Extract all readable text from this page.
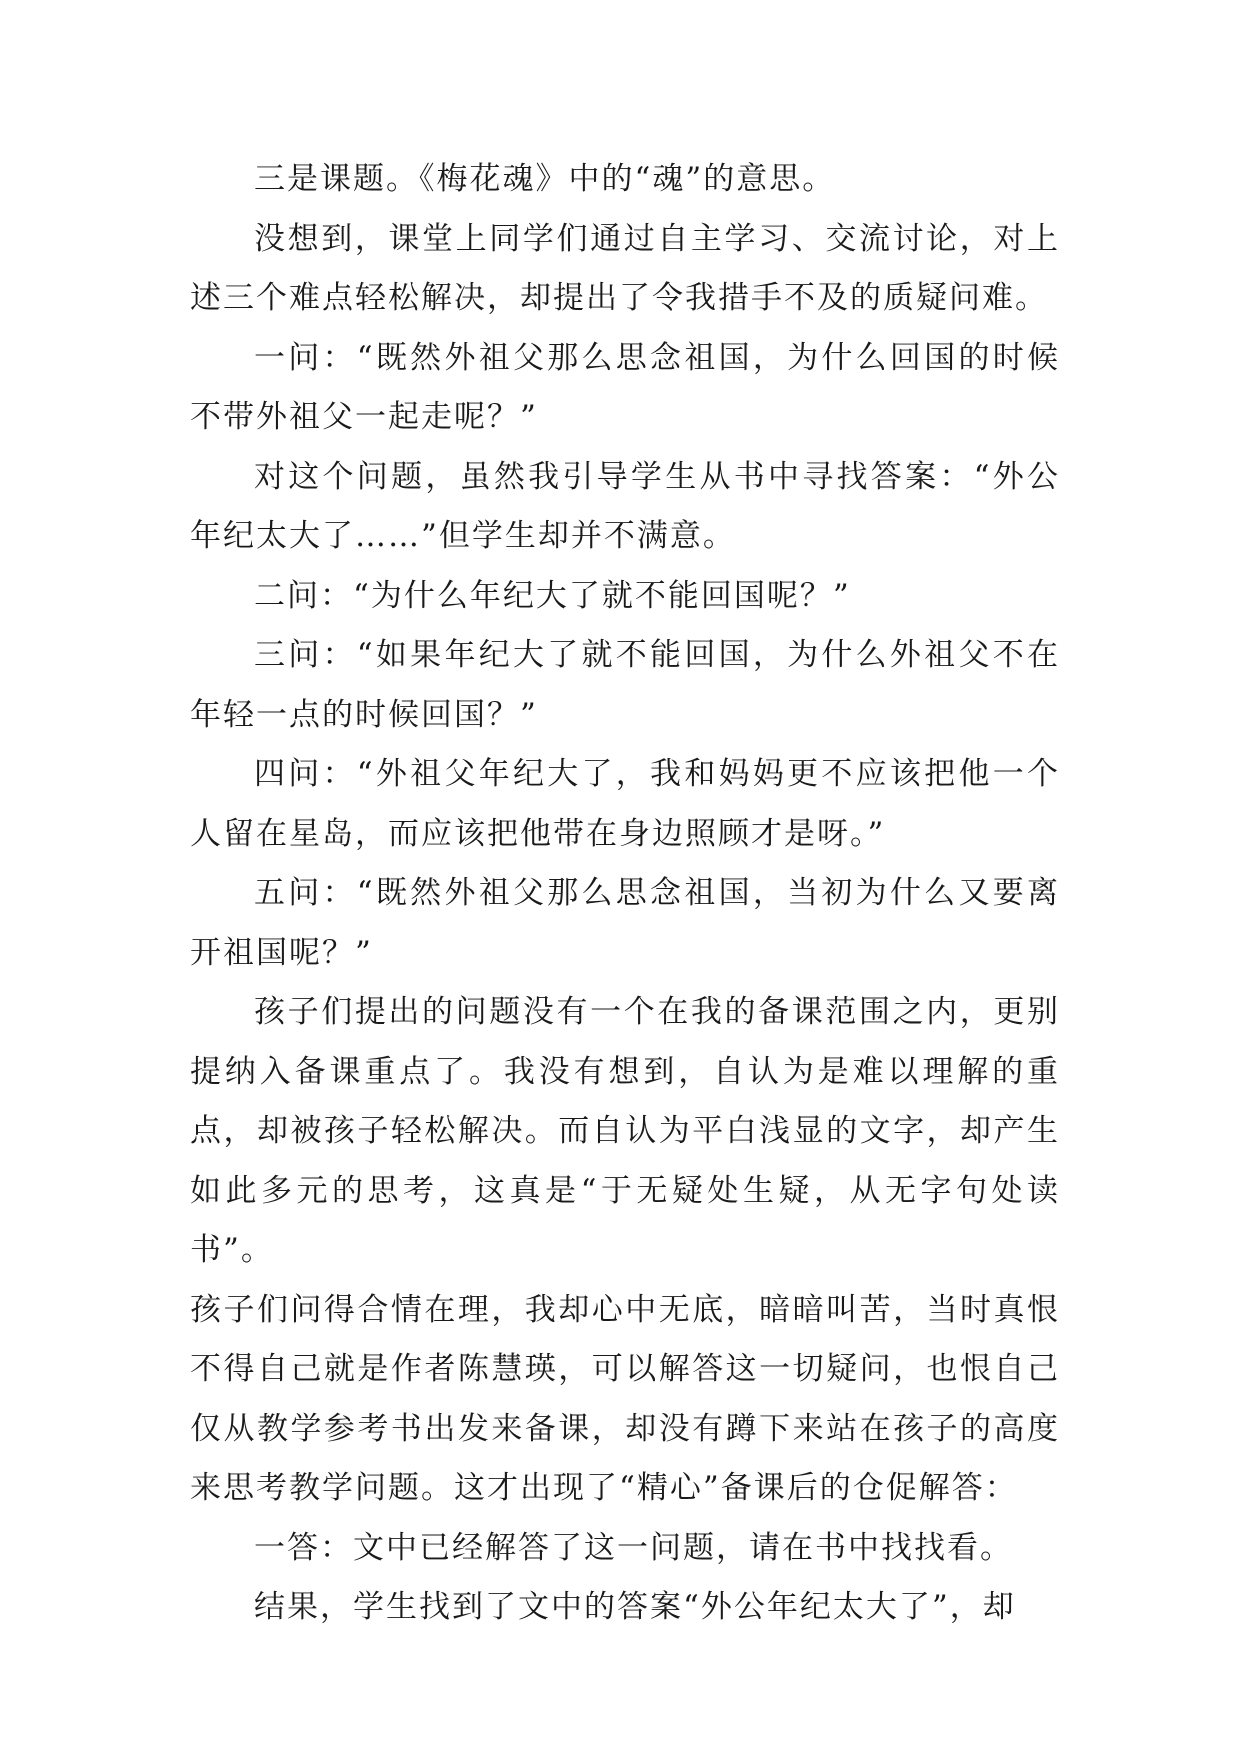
三是课题。《梅花魂》中的“魂”的意思。

没想到，课堂上同学们通过自主学习、交流讨论，对上述三个难点轻松解决，却提出了令我措手不及的质疑问难。

一问：“既然外祖父那么思念祖国，为什么回国的时候不带外祖父一起走呢？”

对这个问题，虽然我引导学生从书中寻找答案：“外公年纪太大了……”但学生却并不满意。

二问：“为什么年纪大了就不能回国呢？”

三问：“如果年纪大了就不能回国，为什么外祖父不在年轻一点的时候回国？”

四问：“外祖父年纪大了，我和妈妈更不应该把他一个人留在星岛，而应该把他带在身边照顾才是呀。”

五问：“既然外祖父那么思念祖国，当初为什么又要离开祖国呢？”

孩子们提出的问题没有一个在我的备课范围之内，更别提纳入备课重点了。我没有想到，自认为是难以理解的重点，却被孩子轻松解决。而自认为平白浅显的文字，却产生如此多元的思考，这真是“于无疑处生疑，从无字句处读书”。

孩子们问得合情在理，我却心中无底，暗暗叫苦，当时真恨不得自己就是作者陈慧瑛，可以解答这一切疑问，也恨自己仅从教学参考书出发来备课，却没有蹲下来站在孩子的高度来思考教学问题。这才出现了“精心”备课后的仓促解答：

一答：文中已经解答了这一问题，请在书中找找看。

结果，学生找到了文中的答案“外公年纪太大了”，却
